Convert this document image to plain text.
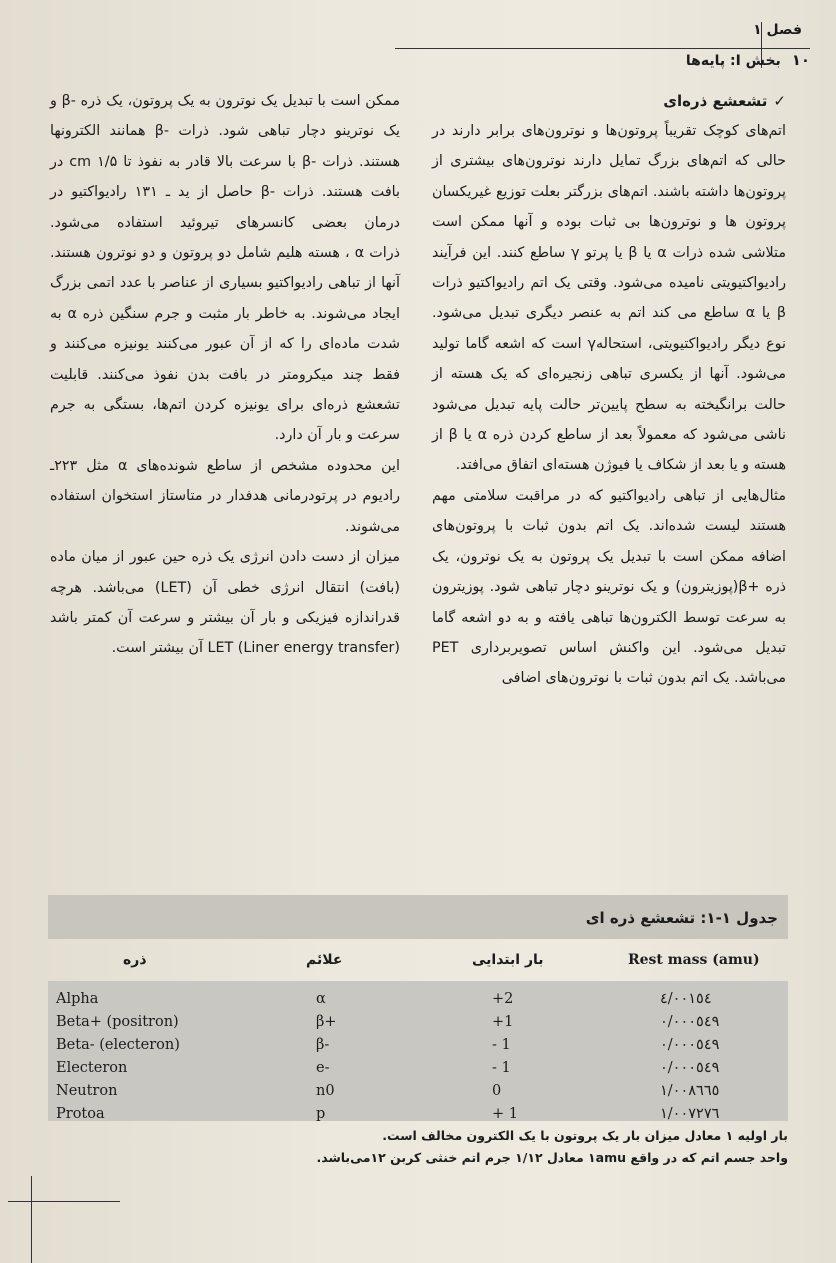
فصل ۱
۱۰ بخش I: پایه‌ها
✓تشعشع ذره‌ای

اتم‌های کوچک تقریباً پروتون‌ها و نوترون‌های برابر دارند در حالی که اتم‌های بزرگ تمایل دارند نوترون‌های بیشتری از پروتون‌ها داشته باشند. اتم‌های بزرگتر بعلت توزیع غیریکسان پروتون ها و نوترون‌ها بی ثبات بوده و آنها ممکن است متلاشی شده ذرات α یا β یا پرتو γ ساطع کنند. این فرآیند رادیواکتیویتی نامیده می‌شود. وقتی یک اتم رادیواکتیو ذرات β یا α ساطع می کند اتم به عنصر دیگری تبدیل می‌شود. نوع دیگر رادیواکتیویتی، استحاله‌γ است که اشعه گاما تولید می‌شود. آنها از یکسری تباهی زنجیره‌ای که یک هسته از حالت برانگیخته به سطح پایین‌تر حالت پایه تبدیل می‌شود ناشی می‌شود که معمولاً بعد از ساطع کردن ذره α یا β از هسته و یا بعد از شکاف یا فیوژن هسته‌ای اتفاق می‌افتد.

مثال‌هایی از تباهی رادیواکتیو که در مراقبت سلامتی مهم هستند لیست شده‌اند. یک اتم بدون ثبات با پروتون‌های اضافه ممکن است با تبدیل یک پروتون به یک نوترون، یک ذره +β(پوزیترون) و یک نوترینو دچار تباهی شود. پوزیترون به سرعت توسط الکترون‌ها تباهی یافته و به دو اشعه گاما تبدیل می‌شود. این واکنش اساس تصویربرداری PET می‌باشد. یک اتم بدون ثبات با نوترون‌های اضافی

ممکن است با تبدیل یک نوترون به یک پروتون، یک ذره -β و یک نوترینو دچار تباهی شود. ذرات -β همانند الکترونها هستند. ذرات -β با سرعت بالا قادر به نفوذ تا ۱/۵ cm در بافت هستند. ذرات -β حاصل از ید ـ ۱۳۱ رادیواکتیو در درمان بعضی کانسرهای تیروئید استفاده می‌شود.

ذرات α ، هسته هلیم شامل دو پروتون و دو نوترون هستند. آنها از تباهی رادیواکتیو بسیاری از عناصر با عدد اتمی بزرگ ایجاد می‌شوند. به خاطر بار مثبت و جرم سنگین ذره α به شدت ماده‌ای را که از آن عبور می‌کنند یونیزه می‌کنند و فقط چند میکرومتر در بافت بدن نفوذ می‌کنند. قابلیت تشعشع ذره‌ای برای یونیزه کردن اتم‌ها، بستگی به جرم سرعت و بار آن دارد.

این محدوده مشخص از ساطع شونده‌های α مثل ۲۲۳ـ رادیوم در پرتودرمانی هدفدار در متاستاز استخوان استفاده می‌شوند.

میزان از دست دادن انرژی یک ذره حین عبور از میان ماده (بافت) انتقال انرژی خطی آن (LET) می‌باشد. هرچه قدرانداز‌ه فیزیکی و بار آن بیشتر و سرعت آن کمتر باشد LET (Liner energy transfer) آن بیشتر است.

جدول ۱-۱: تشعشع ذره ای
ذره	علائم	بار ابتدایی	Rest mass (amu)
Alpha	α	+2	٤/٠٠١٥٤
Beta+ (positron)	β+	+1	٠/٠٠٠٥٤٩
Beta- (electeron)	β-	- 1	٠/٠٠٠٥٤٩
Electeron	e-	- 1	٠/٠٠٠٥٤٩
Neutron	n0	0	١/٠٠٨٦٦٥
Protoa	p	+ 1	١/٠٠٧٢٧٦
بار اولیه ۱ معادل میزان بار یک پروتون با یک الکترون مخالف است.
واحد جسم اتم که در واقع ۱amu معادل ۱/۱۲ جرم اتم خنثی کربن ۱۲می‌باشد.
